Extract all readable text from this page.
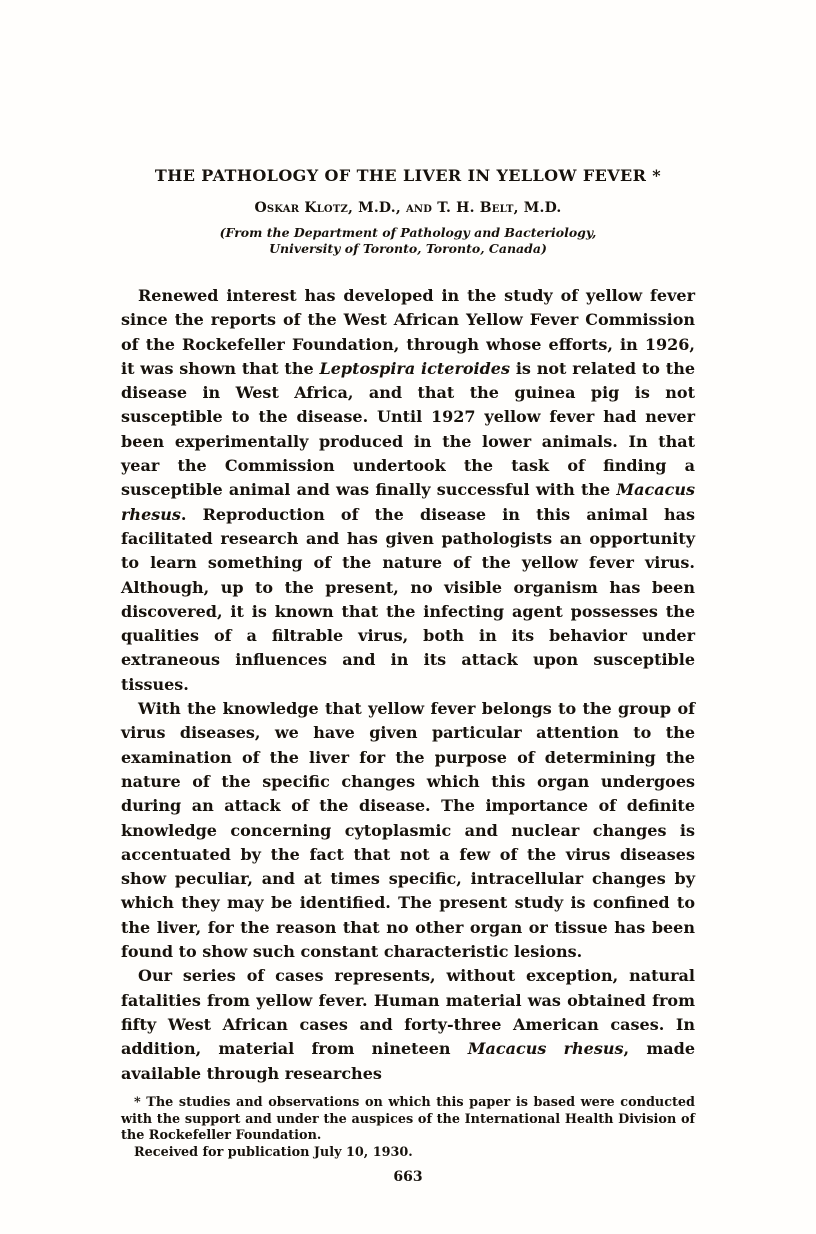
THE PATHOLOGY OF THE LIVER IN YELLOW FEVER *
Oskar Klotz, M.D., and T. H. Belt, M.D.
(From the Department of Pathology and Bacteriology, University of Toronto, Toronto, Canada)

Renewed interest has developed in the study of yellow fever since the reports of the West African Yellow Fever Commission of the Rockefeller Foundation, through whose efforts, in 1926, it was shown that the Leptospira icteroides is not related to the disease in West Africa, and that the guinea pig is not susceptible to the disease. Until 1927 yellow fever had never been experimentally produced in the lower animals. In that year the Commission undertook the task of finding a susceptible animal and was finally successful with the Macacus rhesus. Reproduction of the disease in this animal has facilitated research and has given pathologists an opportunity to learn something of the nature of the yellow fever virus. Although, up to the present, no visible organism has been discovered, it is known that the infecting agent possesses the qualities of a filtrable virus, both in its behavior under extraneous influences and in its attack upon susceptible tissues.

With the knowledge that yellow fever belongs to the group of virus diseases, we have given particular attention to the examination of the liver for the purpose of determining the nature of the specific changes which this organ undergoes during an attack of the disease. The importance of definite knowledge concerning cytoplasmic and nuclear changes is accentuated by the fact that not a few of the virus diseases show peculiar, and at times specific, intracellular changes by which they may be identified. The present study is confined to the liver, for the reason that no other organ or tissue has been found to show such constant characteristic lesions.

Our series of cases represents, without exception, natural fatalities from yellow fever. Human material was obtained from fifty West African cases and forty-three American cases. In addition, material from nineteen Macacus rhesus, made available through researches

* The studies and observations on which this paper is based were conducted with the support and under the auspices of the International Health Division of the Rockefeller Foundation.

Received for publication July 10, 1930.

663
